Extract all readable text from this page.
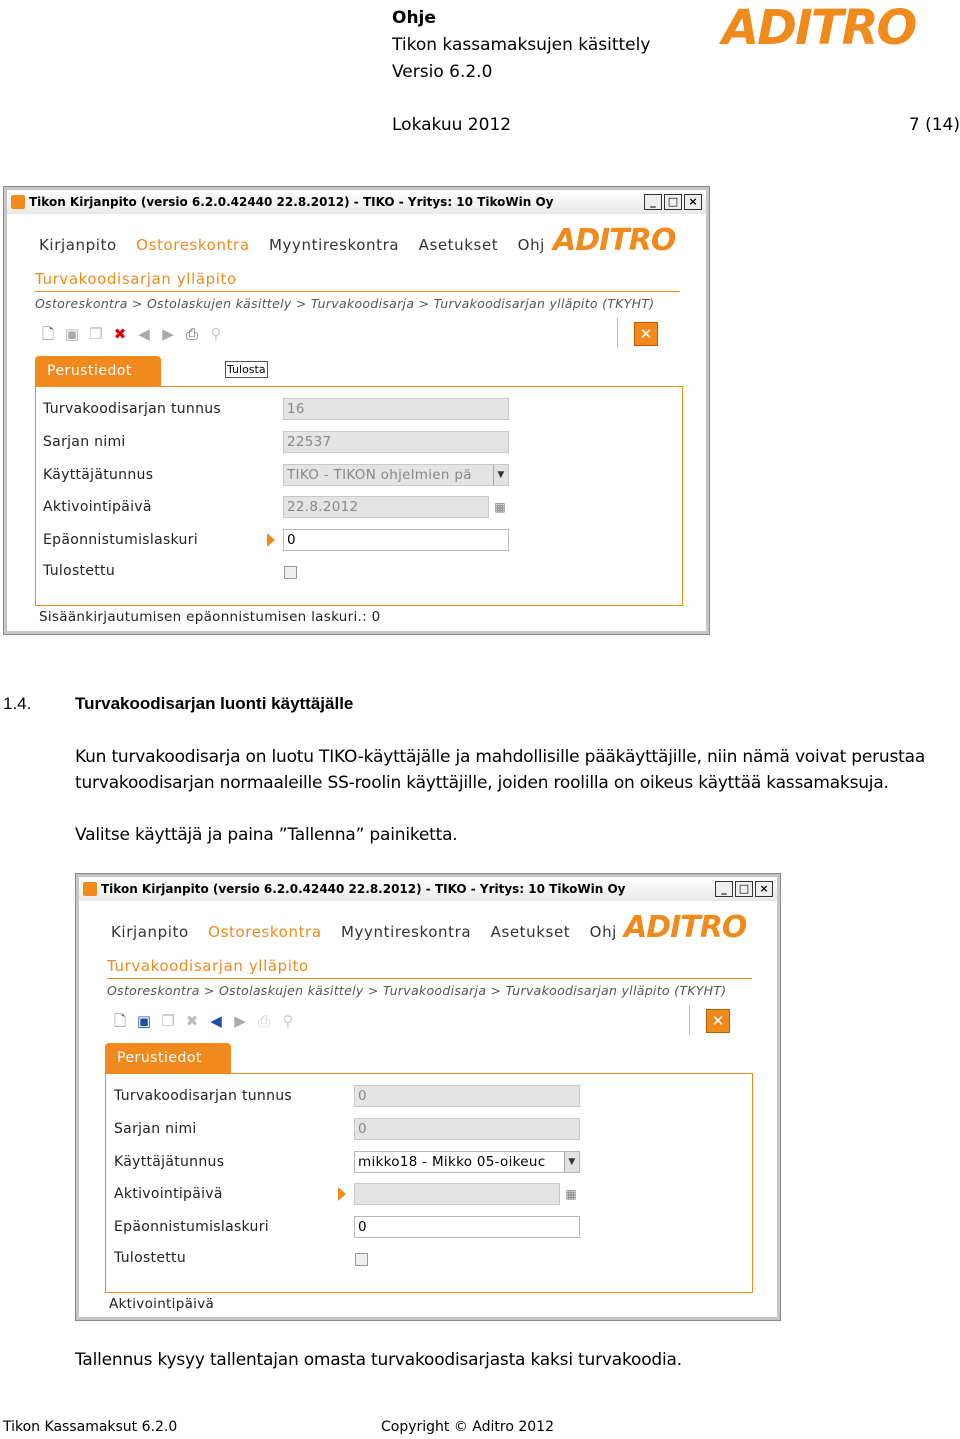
Ohje
Tikon kassamaksujen käsittely
Versio 6.2.0
ADITRO
Lokakuu 2012	7 (14)
Tikon Kirjanpito (versio 6.2.0.42440 22.8.2012) - TIKO - Yritys: 10 TikoWin Oy	_	□ ×
Kirjanpito Ostoreskontra Myyntireskontra Asetukset Ohj ADITRO
Turvakoodisarjan ylläpito
Ostoreskontra > Ostolaskujen käsittely > Turvakoodisarja > Turvakoodisarjan ylläpito (TKYHT)
🗋 ▣ ❐ ✖ ◀ ▶ ⎙ ⚲	✕
Tulosta
Perustiedot
Turvakoodisarjan tunnus	16
Sarjan nimi	22537
Käyttäjätunnus	TIKO - TIKON ohjelmien pä	▼
Aktivointipäivä	22.8.2012	▦
Epäonnistumislaskuri	0
Tulostettu
Sisäänkirjautumisen epäonnistumisen laskuri.: 0
1.4.	Turvakoodisarjan luonti käyttäjälle
Kun turvakoodisarja on luotu TIKO-käyttäjälle ja mahdollisille pääkäyttäjille, niin nämä voivat perustaa
turvakoodisarjan normaaleille SS-roolin käyttäjille, joiden roolilla on oikeus käyttää kassamaksuja.
Valitse käyttäjä ja paina ”Tallenna” painiketta.
Tikon Kirjanpito (versio 6.2.0.42440 22.8.2012) - TIKO - Yritys: 10 TikoWin Oy	_	□ ×
Kirjanpito Ostoreskontra Myyntireskontra Asetukset Ohj ADITRO
Turvakoodisarjan ylläpito
Ostoreskontra > Ostolaskujen käsittely > Turvakoodisarja > Turvakoodisarjan ylläpito (TKYHT)
🗋 ▣ ❐ ✖ ◀ ▶ ⎙ ⚲	✕
Perustiedot
Turvakoodisarjan tunnus	0
Sarjan nimi	0
Käyttäjätunnus	mikko18 - Mikko 05-oikeuc	▼
Aktivointipäivä	▦
Epäonnistumislaskuri	0
Tulostettu
Aktivointipäivä
Tallennus kysyy tallentajan omasta turvakoodisarjasta kaksi turvakoodia.
Tikon Kassamaksut 6.2.0	Copyright © Aditro 2012
